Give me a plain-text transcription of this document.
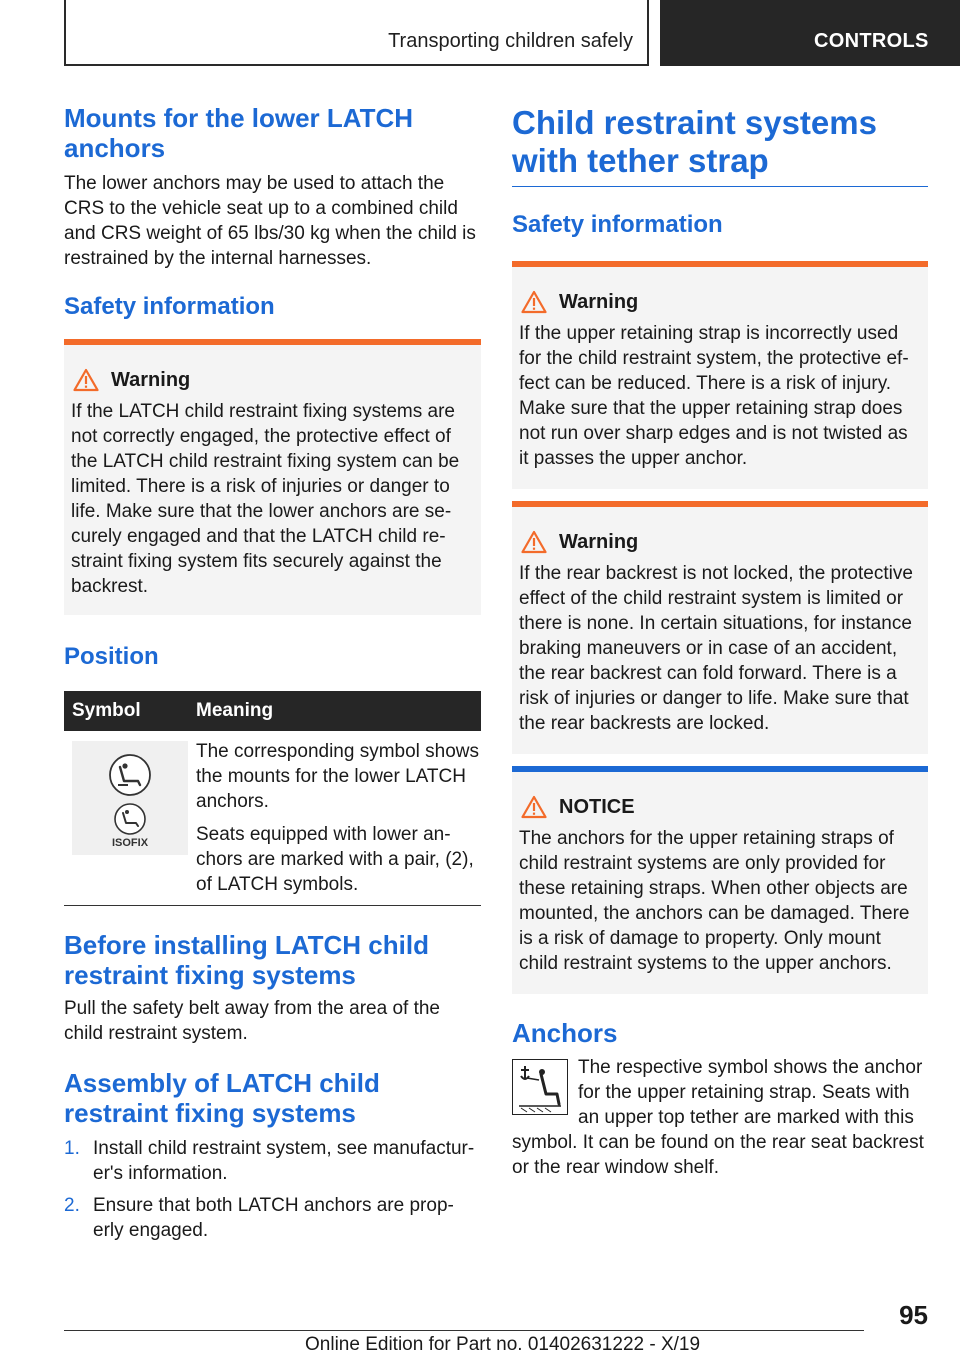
Transporting children safely	CONTROLS
Mounts for the lower LATCH anchors

The lower anchors may be used to attach the CRS to the vehicle seat up to a combined child and CRS weight of 65 lbs/30 kg when the child is restrained by the internal harnesses.

Safety information
Warning

If the LATCH child restraint fixing systems are not correctly engaged, the protective effect of the LATCH child restraint fixing system can be limited. There is a risk of injuries or danger to life. Make sure that the lower anchors are se-curely engaged and that the LATCH child re-straint fixing system fits securely against the backrest.

Position
Symbol	Meaning

ISOFIX	The corresponding symbol shows the mounts for the lower LATCH anchors.

Seats equipped with lower an-chors are marked with a pair, (2), of LATCH symbols.

Before installing LATCH child restraint fixing systems

Pull the safety belt away from the area of the child restraint system.

Assembly of LATCH child restraint fixing systems
1. Install child restraint system, see manufactur-er's information.
2. Ensure that both LATCH anchors are prop-erly engaged.
Child restraint systems with tether strap
Safety information
Warning

If the upper retaining strap is incorrectly used for the child restraint system, the protective ef-fect can be reduced. There is a risk of injury. Make sure that the upper retaining strap does not run over sharp edges and is not twisted as it passes the upper anchor.

Warning

If the rear backrest is not locked, the protective effect of the child restraint system is limited or there is none. In certain situations, for instance braking maneuvers or in case of an accident, the rear backrest can fold forward. There is a risk of injuries or danger to life. Make sure that the rear backrests are locked.

NOTICE

The anchors for the upper retaining straps of child restraint systems are only provided for these retaining straps. When other objects are mounted, the anchors can be damaged. There is a risk of damage to property. Only mount child restraint systems to the upper anchors.

Anchors

The respective symbol shows the anchor for the upper retaining strap. Seats with an upper top tether are marked with this symbol. It can be found on the rear seat backrest or the rear window shelf.

95
Online Edition for Part no. 01402631222 - X/19
